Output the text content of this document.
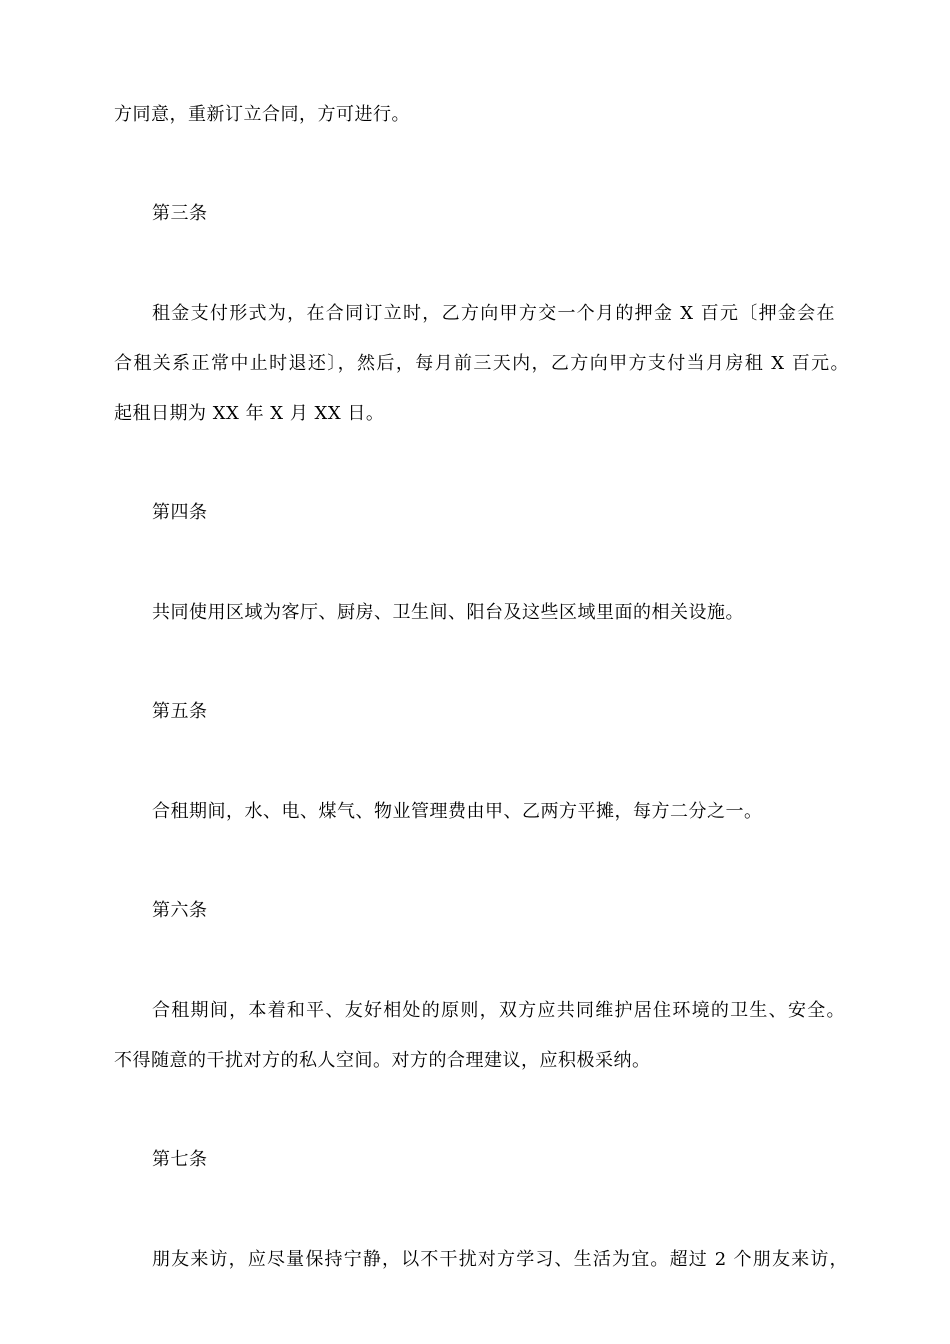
方同意，重新订立合同，方可进行。
第三条
租金支付形式为，在合同订立时，乙方向甲方交一个月的押金 X 百元〔押金会在
合租关系正常中止时退还〕，然后，每月前三天内，乙方向甲方支付当月房租 X 百元。
起租日期为 XX 年 X 月 XX 日。
第四条
共同使用区域为客厅、厨房、卫生间、阳台及这些区域里面的相关设施。
第五条
合租期间，水、电、煤气、物业管理费由甲、乙两方平摊，每方二分之一。
第六条
合租期间，本着和平、友好相处的原则，双方应共同维护居住环境的卫生、安全。
不得随意的干扰对方的私人空间。对方的合理建议，应积极采纳。
第七条
朋友来访，应尽量保持宁静，以不干扰对方学习、生活为宜。超过 2 个朋友来访，
